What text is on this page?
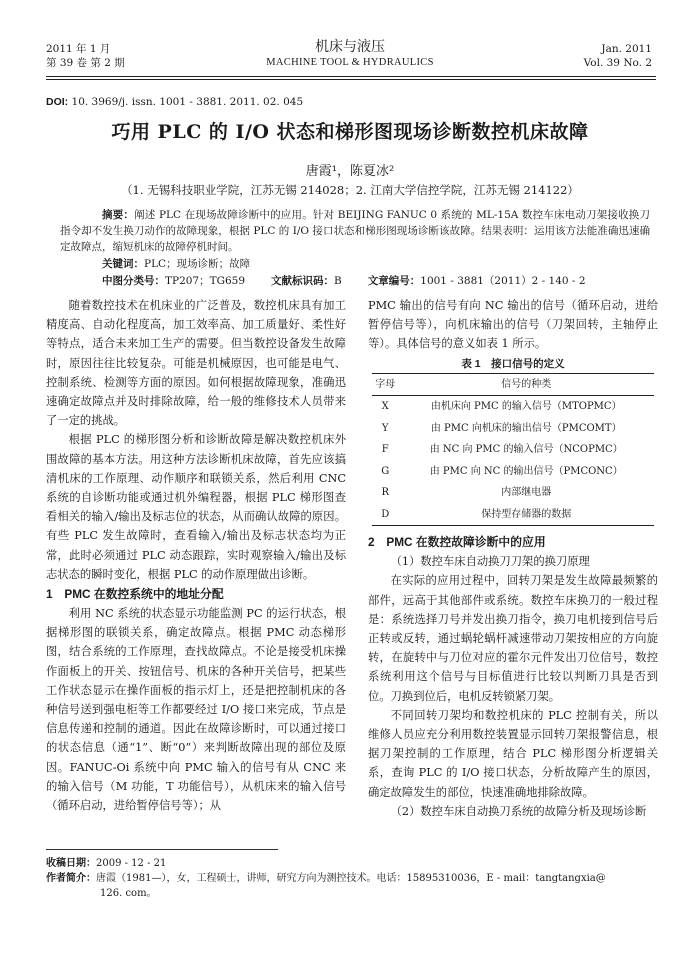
2011 年 1 月
第 39 卷 第 2 期
机床与液压
MACHINE TOOL & HYDRAULICS
Jan. 2011
Vol. 39 No. 2
DOI: 10. 3969/j. issn. 1001 - 3881. 2011. 02. 045
巧用 PLC 的 I/O 状态和梯形图现场诊断数控机床故障
唐霞¹，陈夏冰²
（1. 无锡科技职业学院，江苏无锡 214028；2. 江南大学信控学院，江苏无锡 214122）
摘要：阐述 PLC 在现场故障诊断中的应用。针对 BEIJING FANUC 0 系统的 ML-15A 数控车床电动刀架接收换刀指令却不发生换刀动作的故障现象，根据 PLC 的 I/O 接口状态和梯形图现场诊断该故障。结果表明：运用该方法能准确迅速确定故障点，缩短机床的故障停机时间。
关键词：PLC；现场诊断；故障
中图分类号：TP207；TG659 文献标识码：B 文章编号：1001 - 3881（2011）2 - 140 - 2

随着数控技术在机床业的广泛普及，数控机床具有加工精度高、自动化程度高，加工效率高、加工质量好、柔性好等特点，适合未来加工生产的需要。但当数控设备发生故障时，原因往往比较复杂。可能是机械原因，也可能是电气、控制系统、检测等方面的原因。如何根据故障现象，准确迅速确定故障点并及时排除故障，给一般的维修技术人员带来了一定的挑战。

根据 PLC 的梯形图分析和诊断故障是解决数控机床外围故障的基本方法。用这种方法诊断机床故障，首先应该搞清机床的工作原理、动作顺序和联锁关系，然后利用 CNC 系统的自诊断功能或通过机外编程器，根据 PLC 梯形图查看相关的输入/输出及标志位的状态，从而确认故障的原因。有些 PLC 发生故障时，查看输入/输出及标志状态均为正常，此时必须通过 PLC 动态跟踪，实时观察输入/输出及标志状态的瞬时变化，根据 PLC 的动作原理做出诊断。

1　PMC 在数控系统中的地址分配

利用 NC 系统的状态显示功能监测 PC 的运行状态，根据梯形图的联锁关系，确定故障点。根据 PMC 动态梯形图，结合系统的工作原理，查找故障点。不论是接受机床操作面板上的开关、按钮信号、机床的各种开关信号，把某些工作状态显示在操作面板的指示灯上，还是把控制机床的各种信号送到强电柜等工作都要经过 I/O 接口来完成，节点是信息传递和控制的通道。因此在故障诊断时，可以通过接口的状态信息（通“1”、断“0”）来判断故障出现的部位及原因。FANUC-Oi 系统中向 PMC 输入的信号有从 CNC 来的输入信号（M 功能，T 功能信号），从机床来的输入信号（循环启动，进给暂停信号等）；从

PMC 输出的信号有向 NC 输出的信号（循环启动，进给暂停信号等），向机床输出的信号（刀架回转，主轴停止等）。具体信号的意义如表 1 所示。

表 1　接口信号的定义
字母	信号的种类
X	由机床向 PMC 的输入信号（MTOPMC）
Y	由 PMC 向机床的输出信号（PMCOMT）
F	由 NC 向 PMC 的输入信号（NCOPMC）
G	由 PMC 向 NC 的输出信号（PMCONC）
R	内部继电器
D	保持型存储器的数据
2　PMC 在数控故障诊断中的应用

（1）数控车床自动换刀刀架的换刀原理

在实际的应用过程中，回转刀架是发生故障最频繁的部件，远高于其他部件或系统。数控车床换刀的一般过程是：系统选择刀号并发出换刀指令，换刀电机接到信号后正转或反转，通过蜗轮蜗杆减速带动刀架按相应的方向旋转，在旋转中与刀位对应的霍尔元件发出刀位信号，数控系统利用这个信号与目标值进行比较以判断刀具是否到位。刀换到位后，电机反转锁紧刀架。

不同回转刀架均和数控机床的 PLC 控制有关，所以维修人员应充分利用数控装置显示回转刀架报警信息，根据刀架控制的工作原理，结合 PLC 梯形图分析逻辑关系，查询 PLC 的 I/O 接口状态，分析故障产生的原因，确定故障发生的部位，快速准确地排除故障。

（2）数控车床自动换刀系统的故障分析及现场诊断

收稿日期：2009 - 12 - 21
作者简介：唐霞（1981—），女，工程硕士，讲师，研究方向为测控技术。电话：15895310036，E - mail：tangtangxia@
126. com。
